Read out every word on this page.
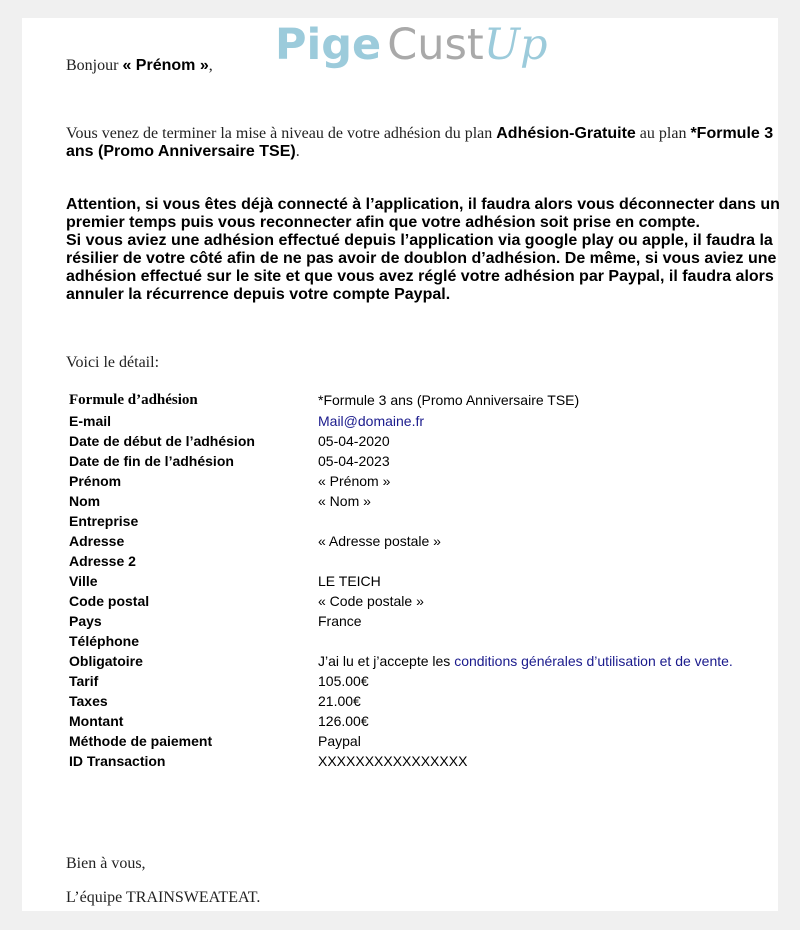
Pige CustUp
Bonjour « Prénom »,
Vous venez de terminer la mise à niveau de votre adhésion du plan Adhésion-Gratuite au plan *Formule 3 ans (Promo Anniversaire TSE).
Attention, si vous êtes déjà connecté à l’application, il faudra alors vous déconnecter dans un premier temps puis vous reconnecter afin que votre adhésion soit prise en compte.
Si vous aviez une adhésion effectué depuis l’application via google play ou apple, il faudra la résilier de votre côté afin de ne pas avoir de doublon d’adhésion. De même, si vous aviez une adhésion effectué sur le site et que vous avez réglé votre adhésion par Paypal, il faudra alors annuler la récurrence depuis votre compte Paypal.
Voici le détail:
Formule d’adhésion	*Formule 3 ans (Promo Anniversaire TSE)
E-mail	Mail@domaine.fr
Date de début de l’adhésion	05-04-2020
Date de fin de l’adhésion	05-04-2023
Prénom	« Prénom »
Nom	« Nom »
Entreprise	
Adresse	« Adresse postale »
Adresse 2	
Ville	LE TEICH
Code postal	« Code postale »
Pays	France
Téléphone	
Obligatoire	J’ai lu et j’accepte les conditions générales d’utilisation et de vente.
Tarif	105.00€
Taxes	21.00€
Montant	126.00€
Méthode de paiement	Paypal
ID Transaction	XXXXXXXXXXXXXXXX
Bien à vous,
L’équipe TRAINSWEATEAT.
